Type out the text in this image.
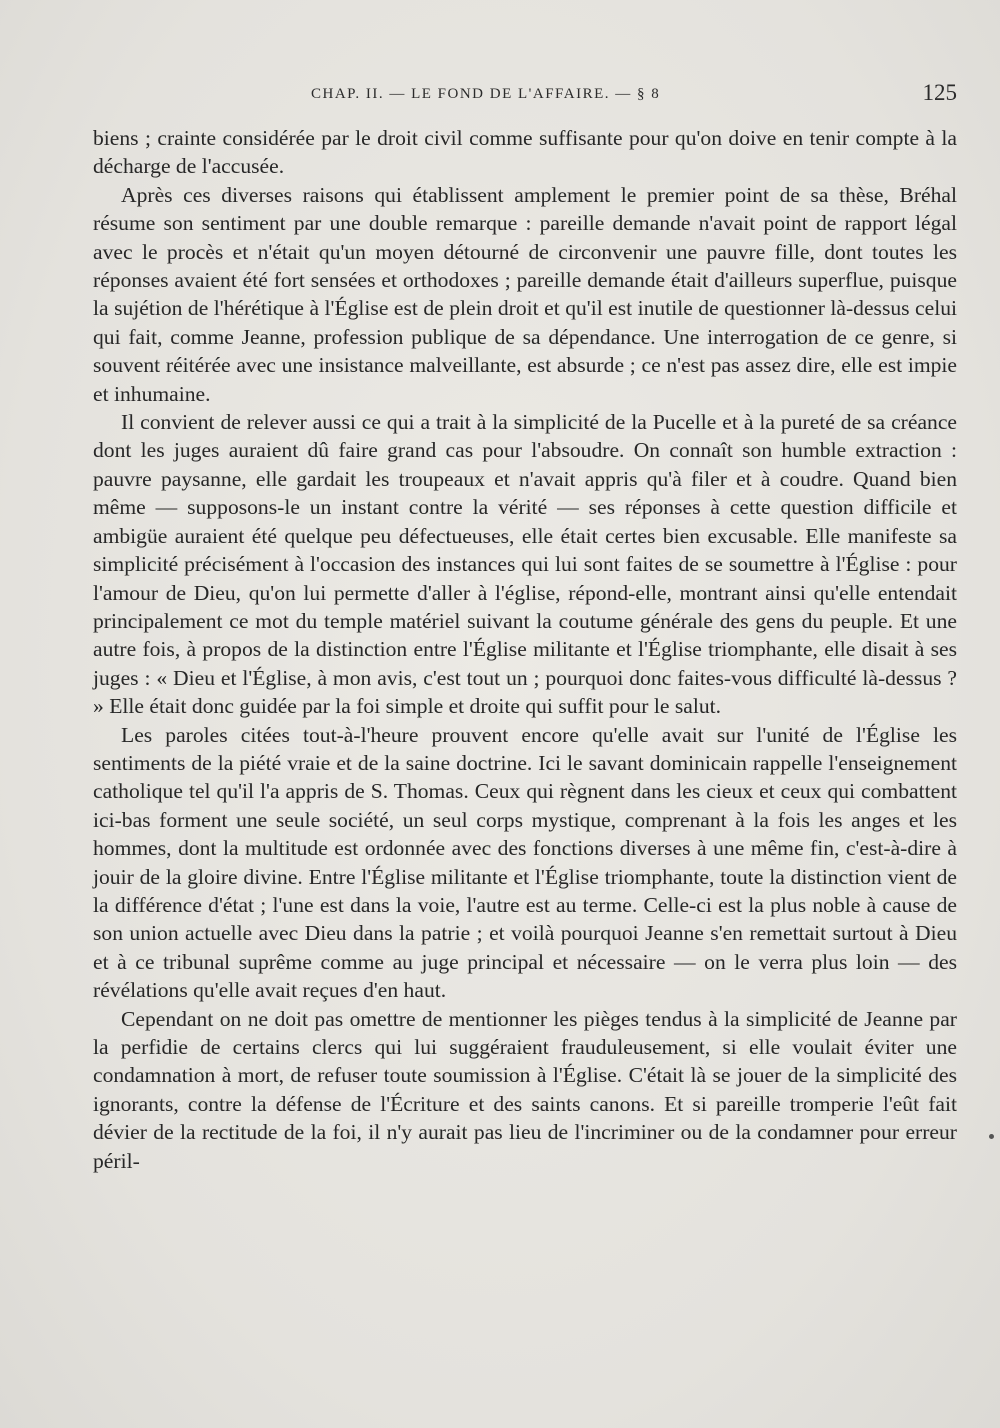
CHAP. II. — LE FOND DE L'AFFAIRE. — § 8	125

biens ; crainte considérée par le droit civil comme suffisante pour qu'on doive en tenir compte à la décharge de l'accusée.

Après ces diverses raisons qui établissent amplement le premier point de sa thèse, Bréhal résume son sentiment par une double remarque : pareille demande n'avait point de rapport légal avec le procès et n'était qu'un moyen détourné de circonvenir une pauvre fille, dont toutes les réponses avaient été fort sensées et orthodoxes ; pareille demande était d'ailleurs superflue, puisque la sujétion de l'hérétique à l'Église est de plein droit et qu'il est inutile de questionner là-dessus celui qui fait, comme Jeanne, profession publique de sa dépendance. Une interrogation de ce genre, si souvent réitérée avec une insistance malveillante, est absurde ; ce n'est pas assez dire, elle est impie et inhumaine.

Il convient de relever aussi ce qui a trait à la simplicité de la Pucelle et à la pureté de sa créance dont les juges auraient dû faire grand cas pour l'absoudre. On connaît son humble extraction : pauvre paysanne, elle gardait les troupeaux et n'avait appris qu'à filer et à coudre. Quand bien même — supposons-le un instant contre la vérité — ses réponses à cette question difficile et ambigüe auraient été quelque peu défectueuses, elle était certes bien excusable. Elle manifeste sa simplicité précisément à l'occasion des instances qui lui sont faites de se soumettre à l'Église : pour l'amour de Dieu, qu'on lui permette d'aller à l'église, répond-elle, montrant ainsi qu'elle entendait principalement ce mot du temple matériel suivant la coutume générale des gens du peuple. Et une autre fois, à propos de la distinction entre l'Église militante et l'Église triomphante, elle disait à ses juges : « Dieu et l'Église, à mon avis, c'est tout un ; pourquoi donc faites-vous difficulté là-dessus ? » Elle était donc guidée par la foi simple et droite qui suffit pour le salut.

Les paroles citées tout-à-l'heure prouvent encore qu'elle avait sur l'unité de l'Église les sentiments de la piété vraie et de la saine doctrine. Ici le savant dominicain rappelle l'enseignement catholique tel qu'il l'a appris de S. Thomas. Ceux qui règnent dans les cieux et ceux qui combattent ici-bas forment une seule société, un seul corps mystique, comprenant à la fois les anges et les hommes, dont la multitude est ordonnée avec des fonctions diverses à une même fin, c'est-à-dire à jouir de la gloire divine. Entre l'Église militante et l'Église triomphante, toute la distinction vient de la différence d'état ; l'une est dans la voie, l'autre est au terme. Celle-ci est la plus noble à cause de son union actuelle avec Dieu dans la patrie ; et voilà pourquoi Jeanne s'en remettait surtout à Dieu et à ce tribunal suprême comme au juge principal et nécessaire — on le verra plus loin — des révélations qu'elle avait reçues d'en haut.

Cependant on ne doit pas omettre de mentionner les pièges tendus à la simplicité de Jeanne par la perfidie de certains clercs qui lui suggéraient frauduleusement, si elle voulait éviter une condamnation à mort, de refuser toute soumission à l'Église. C'était là se jouer de la simplicité des ignorants, contre la défense de l'Écriture et des saints canons. Et si pareille tromperie l'eût fait dévier de la rectitude de la foi, il n'y aurait pas lieu de l'incriminer ou de la condamner pour erreur péril-
